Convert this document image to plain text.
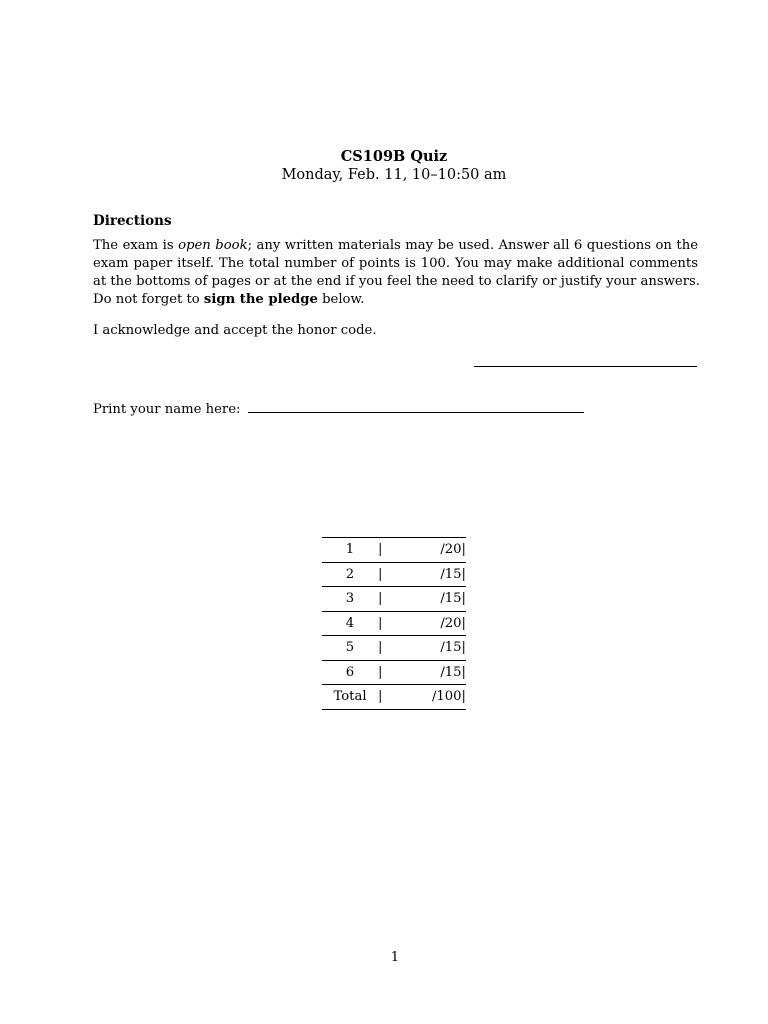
CS109B Quiz
Monday, Feb. 11, 10–10:50 am
Directions
The exam is open book; any written materials may be used. Answer all 6 questions on the
exam paper itself. The total number of points is 100. You may make additional comments
at the bottoms of pages or at the end if you feel the need to clarify or justify your answers.
Do not forget to sign the pledge below.
I acknowledge and accept the honor code.
Print your name here:
1	|	/20|
2	|	/15|
3	|	/15|
4	|	/20|
5	|	/15|
6	|	/15|
Total	|	/100|
1
